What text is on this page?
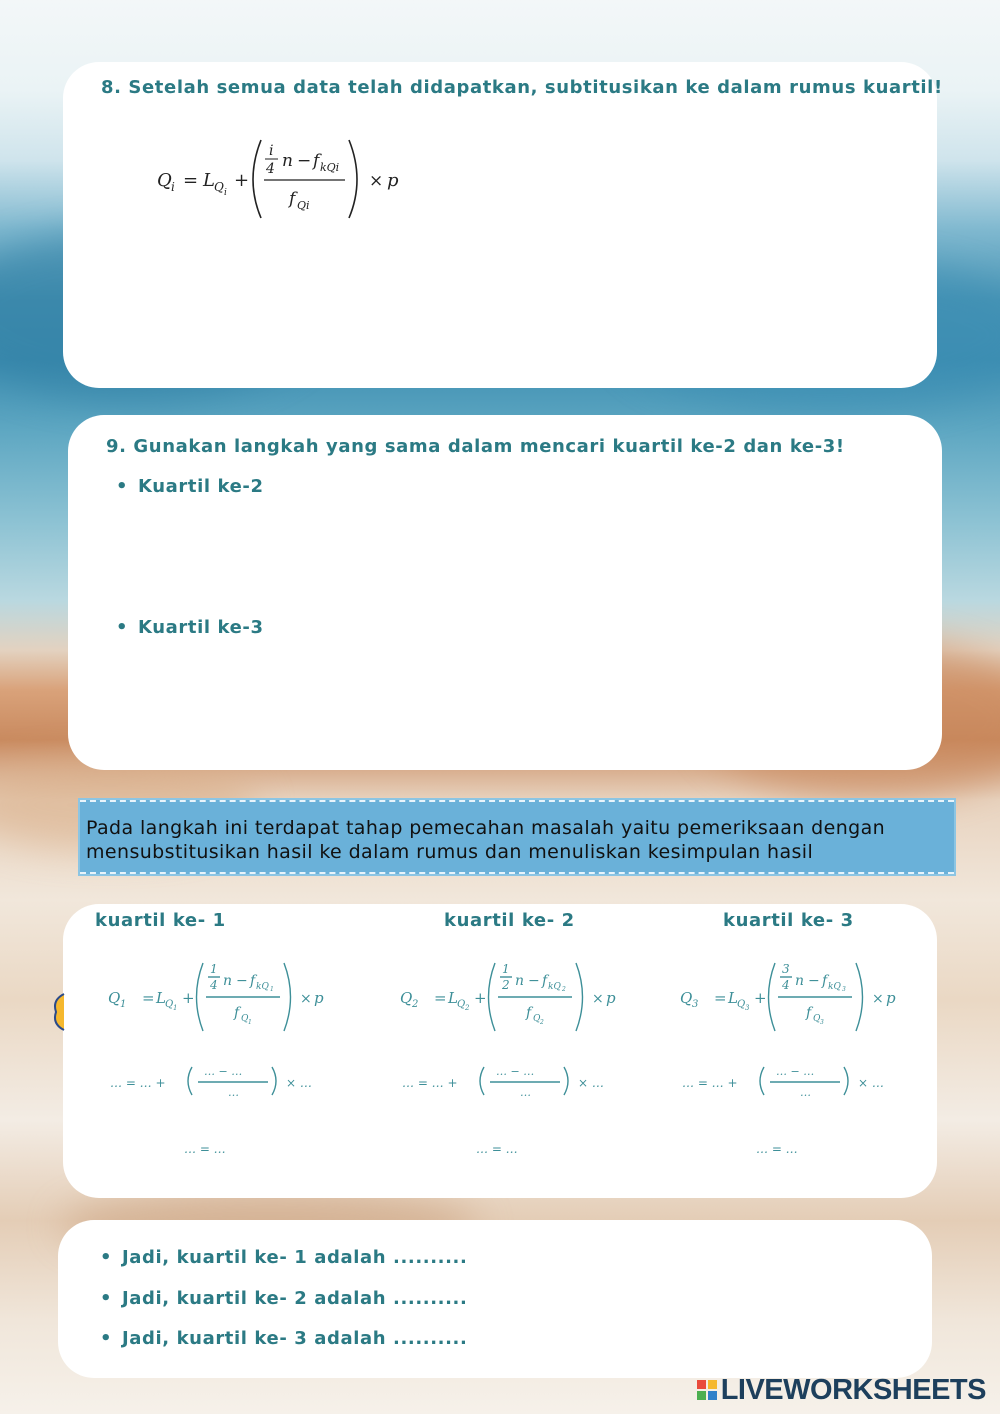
8. Setelah semua data telah didapatkan, subtitusikan ke dalam rumus kuartil!
Q i = L Q i
+
i
4 n − f kQi
f Qi
× p
9. Gunakan langkah yang sama dalam mencari kuartil ke-2 dan ke-3!
• Kuartil ke-2
• Kuartil ke-3
Pada langkah ini terdapat tahap pemecahan masalah yaitu pemeriksaan dengan
mensubstitusikan hasil ke dalam rumus dan menuliskan kesimpulan hasil
kuartil ke- 1	kuartil ke- 2	kuartil ke- 3
Q 1 = L Q 1
+
1
4 n − f kQ 1
f Q 1
× p
… = … +
… − …
…
× …
… = …
Q 2 = L Q 2
+
1
2 n − f kQ 2
f Q 2
× p
… = … +
… − …
…
× …
… = …
Q 3 = L Q 3
+
3
4 n − f kQ 3
f Q 3
× p
… = … +
… − …
…
× …
… = …
• Jadi, kuartil ke- 1 adalah ..........
• Jadi, kuartil ke- 2 adalah ..........
• Jadi, kuartil ke- 3 adalah ..........
LIVEWORKSHEETS
